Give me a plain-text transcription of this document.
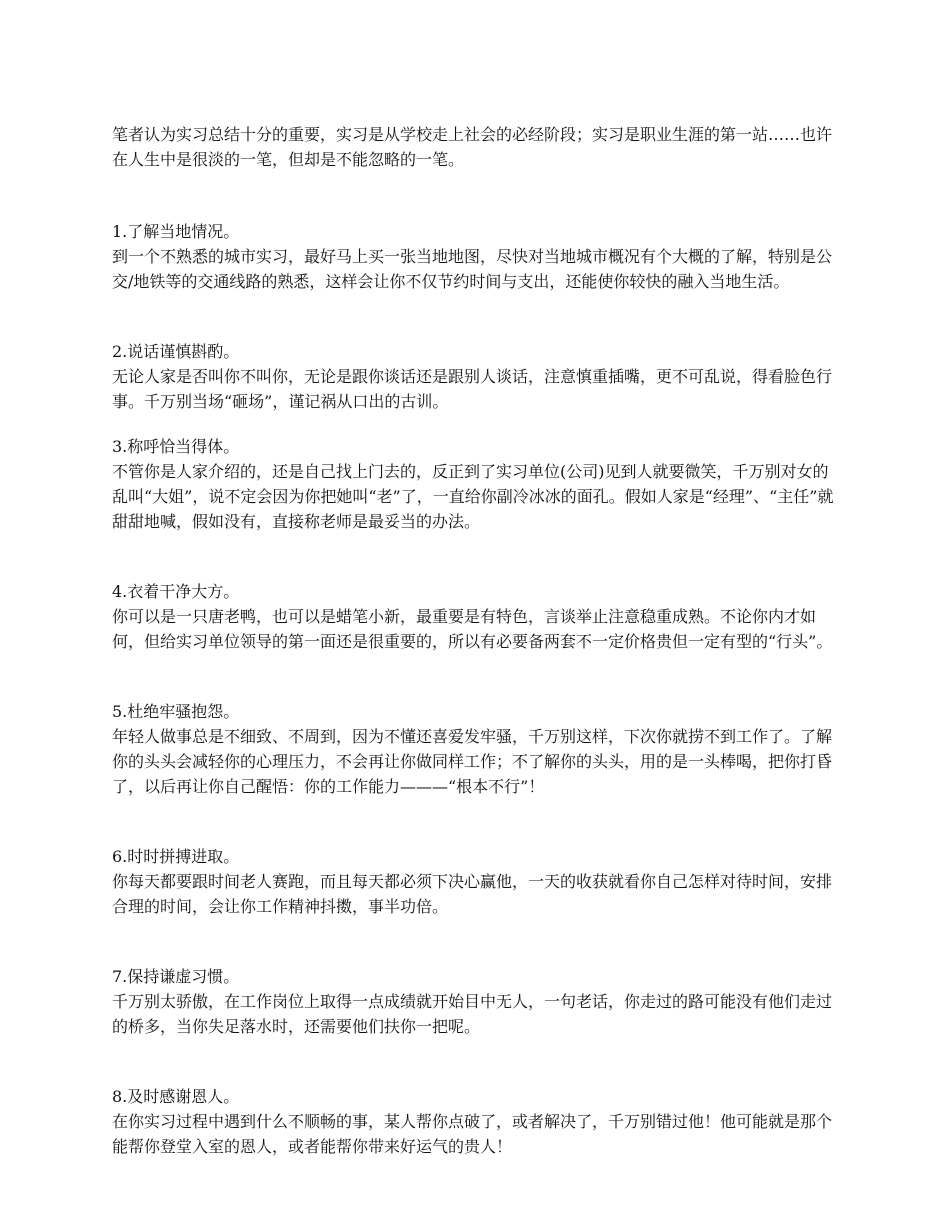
笔者认为实习总结十分的重要，实习是从学校走上社会的必经阶段；实习是职业生涯的第一站……也许在人生中是很淡的一笔，但却是不能忽略的一笔。

1.了解当地情况。

到一个不熟悉的城市实习，最好马上买一张当地地图，尽快对当地城市概况有个大概的了解，特别是公交/地铁等的交通线路的熟悉，这样会让你不仅节约时间与支出，还能使你较快的融入当地生活。

2.说话谨慎斟酌。

无论人家是否叫你不叫你，无论是跟你谈话还是跟别人谈话，注意慎重插嘴，更不可乱说，得看脸色行事。千万别当场“砸场”，谨记祸从口出的古训。

3.称呼恰当得体。

不管你是人家介绍的，还是自己找上门去的，反正到了实习单位(公司)见到人就要微笑，千万别对女的乱叫“大姐”，说不定会因为你把她叫“老”了，一直给你副冷冰冰的面孔。假如人家是“经理”、“主任”就甜甜地喊，假如没有，直接称老师是最妥当的办法。

4.衣着干净大方。

你可以是一只唐老鸭，也可以是蜡笔小新，最重要是有特色，言谈举止注意稳重成熟。不论你内才如何，但给实习单位领导的第一面还是很重要的，所以有必要备两套不一定价格贵但一定有型的“行头”。

5.杜绝牢骚抱怨。

年轻人做事总是不细致、不周到，因为不懂还喜爱发牢骚，千万别这样，下次你就捞不到工作了。了解你的头头会减轻你的心理压力，不会再让你做同样工作；不了解你的头头，用的是一头棒喝，把你打昏了，以后再让你自己醒悟：你的工作能力———“根本不行”！

6.时时拼搏进取。

你每天都要跟时间老人赛跑，而且每天都必须下决心赢他，一天的收获就看你自己怎样对待时间，安排合理的时间，会让你工作精神抖擞，事半功倍。

7.保持谦虚习惯。

千万别太骄傲，在工作岗位上取得一点成绩就开始目中无人，一句老话，你走过的路可能没有他们走过的桥多，当你失足落水时，还需要他们扶你一把呢。

8.及时感谢恩人。

在你实习过程中遇到什么不顺畅的事，某人帮你点破了，或者解决了，千万别错过他！他可能就是那个能帮你登堂入室的恩人，或者能帮你带来好运气的贵人！
